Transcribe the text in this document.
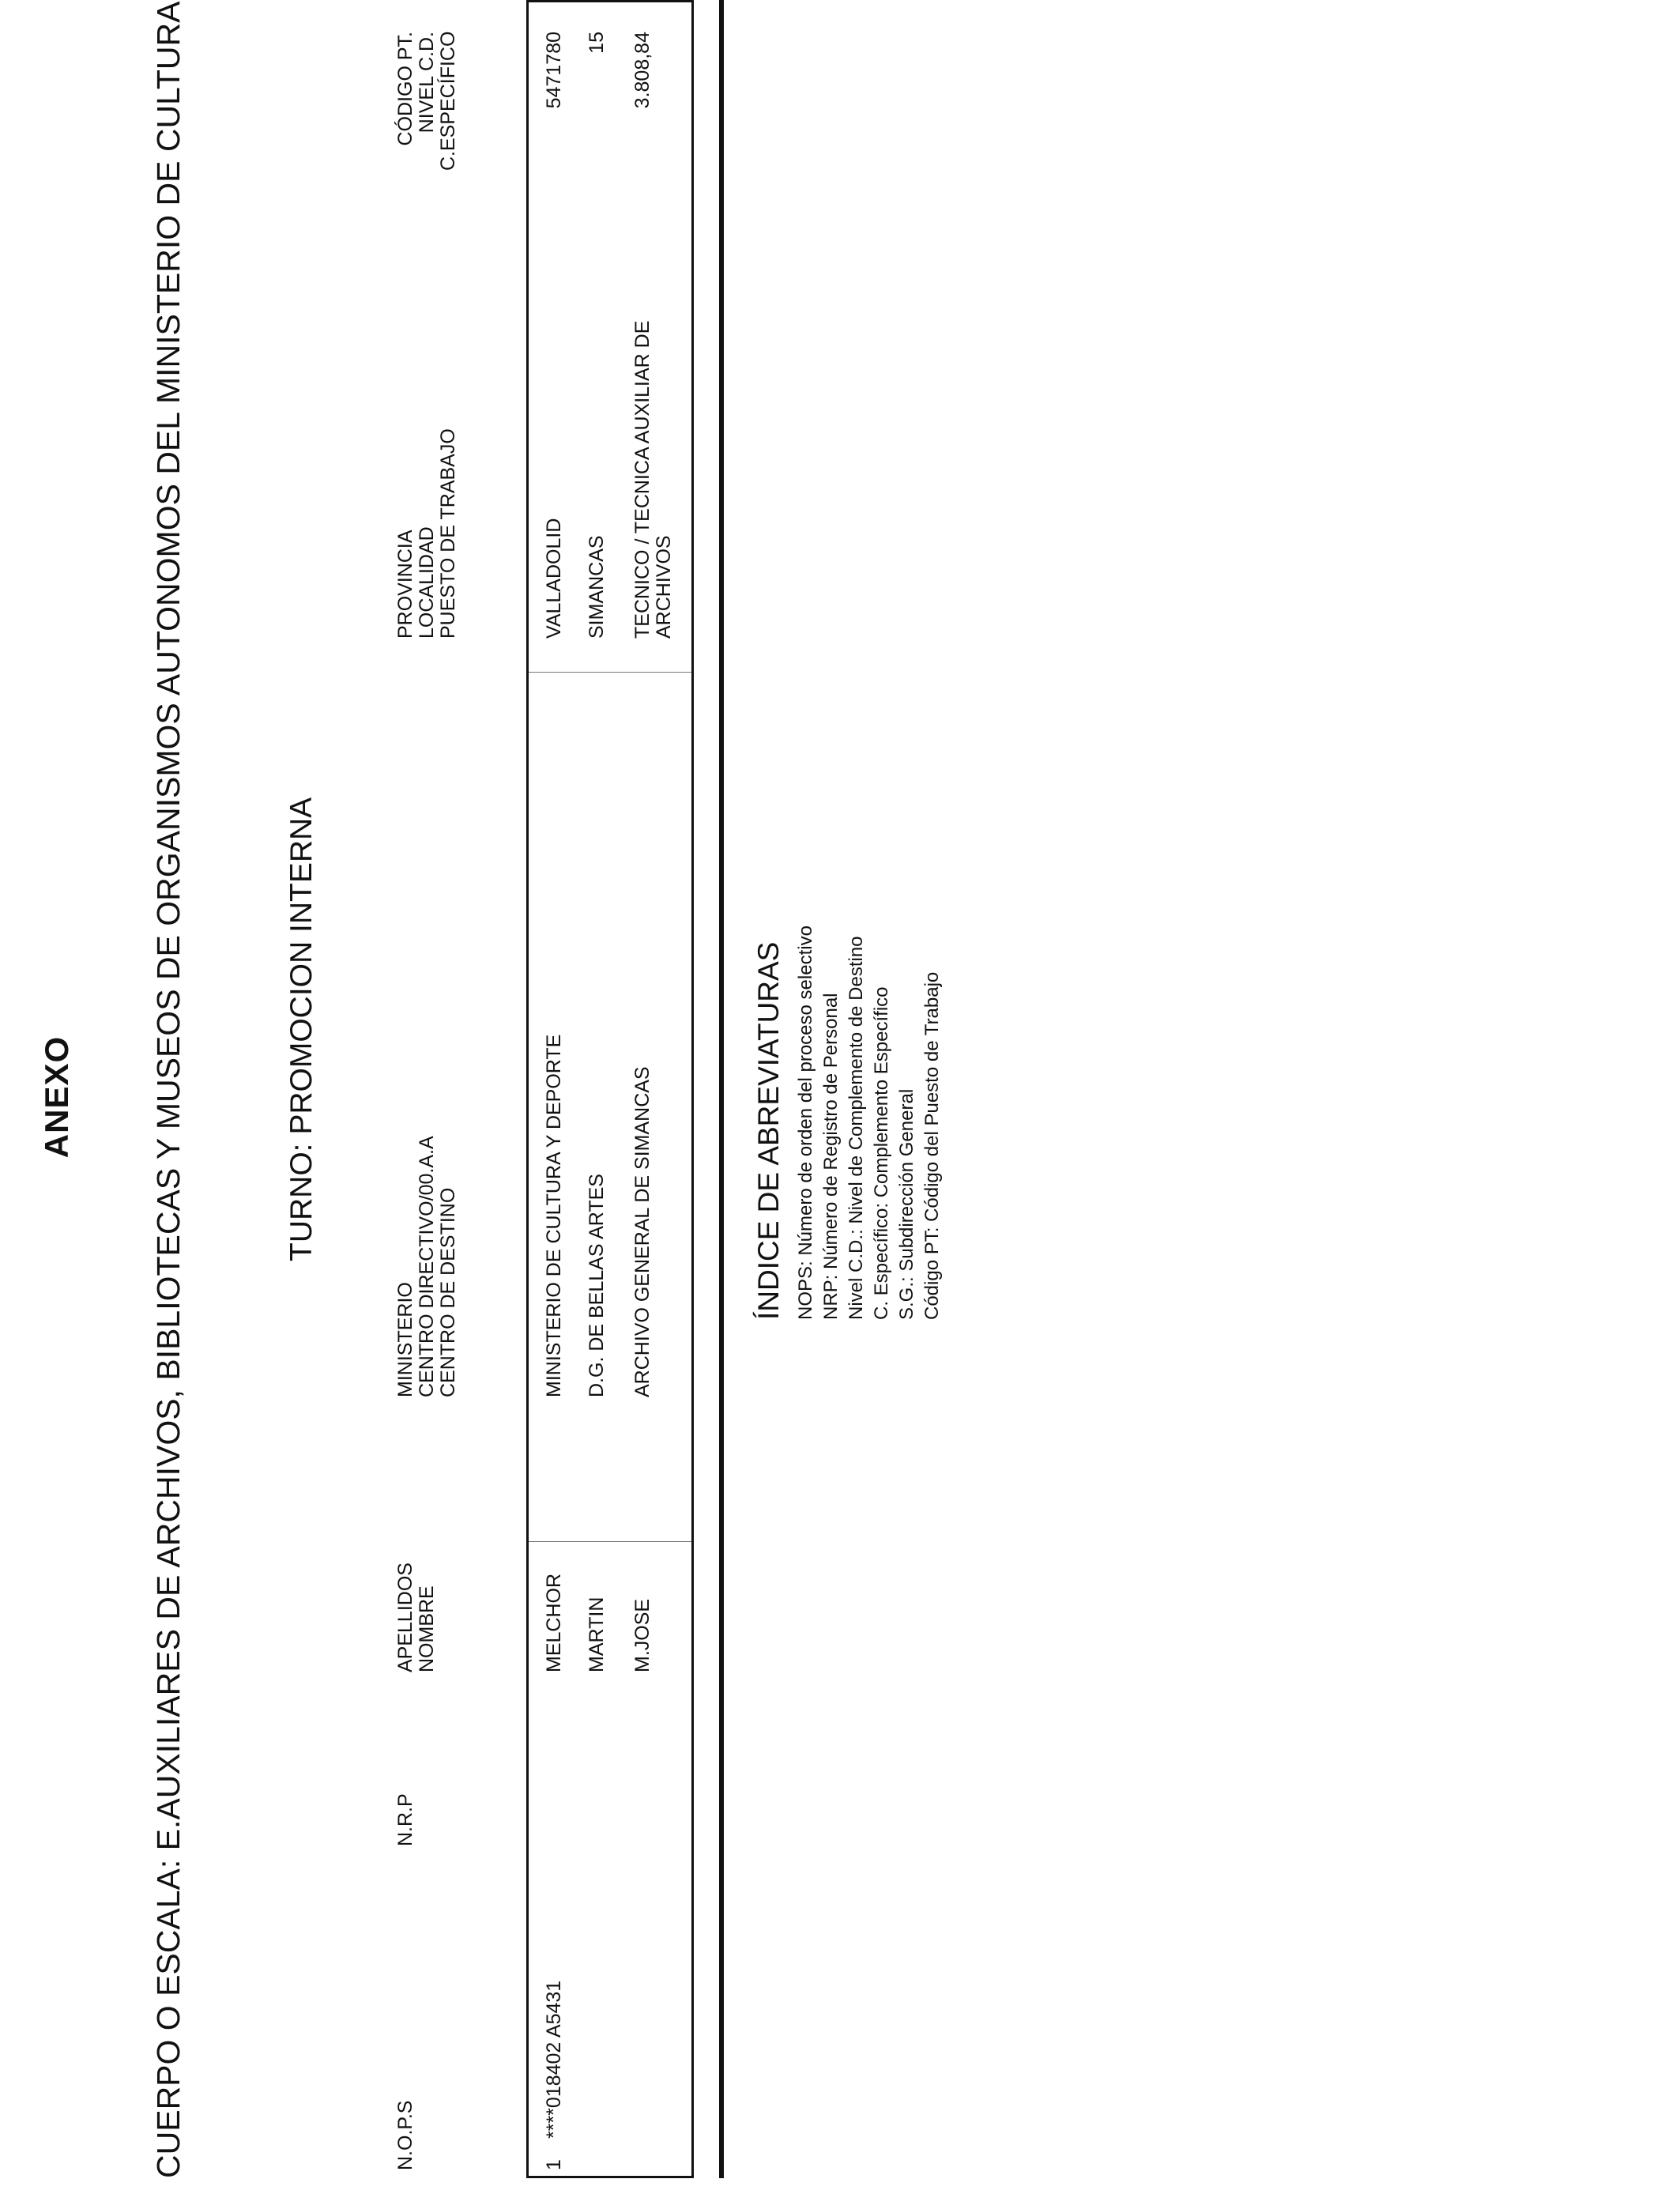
ANEXO CUERPO O ESCALA: E.AUXILIARES DE ARCHIVOS, BIBLIOTECAS Y MUSEOS DE ORGANISMOS AUTONOMOS DEL MINISTERIO DE CULTURA	TURNO: PROMOCION INTERNA
N.O.P.S
N.R.P
APELLIDOS NOMBRE
MINISTERIO CENTRO DIRECTIVO/00.A.A CENTRO DE DESTINO
PROVINCIA LOCALIDAD PUESTO DE TRABAJO
CÓDIGO PT. NIVEL C.D. C.ESPECÍFICO
1
****018402 A5431
MELCHOR MARTIN M.JOSE
MINISTERIO DE CULTURA Y DEPORTE D.G. DE BELLAS ARTES ARCHIVO GENERAL DE SIMANCAS
VALLADOLID SIMANCAS TECNICO / TECNICA AUXILIAR DE ARCHIVOS
5471780 15 3.808,84
ÍNDICE DE ABREVIATURAS NOPS: Número de orden del proceso selectivo NRP: Número de Registro de Personal Nivel C.D.: Nivel de Complemento de Destino C. Específico: Complemento Específico S.G.: Subdirección General Código PT: Código del Puesto de Trabajo
